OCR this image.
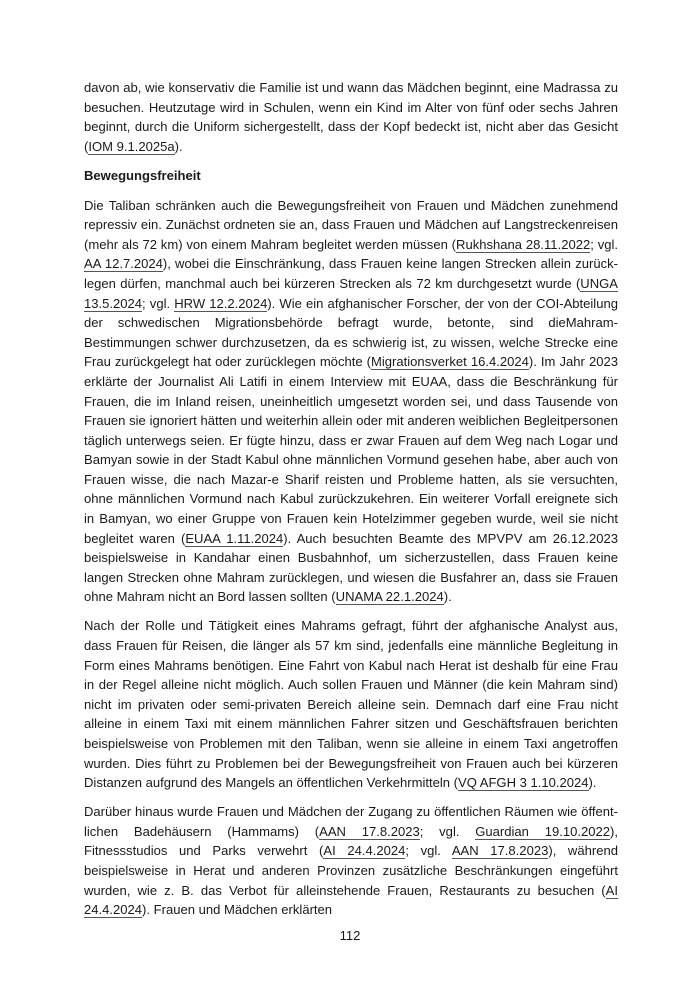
davon ab, wie konservativ die Familie ist und wann das Mädchen beginnt, eine Madrassa zu besuchen. Heutzutage wird in Schulen, wenn ein Kind im Alter von fünf oder sechs Jahren beginnt, durch die Uniform sichergestellt, dass der Kopf bedeckt ist, nicht aber das Gesicht (IOM 9.1.2025a).

Bewegungsfreiheit

Die Taliban schränken auch die Bewegungsfreiheit von Frauen und Mädchen zunehmend repressiv ein. Zunächst ordneten sie an, dass Frauen und Mädchen auf Langstreckenreisen (mehr als 72 km) von einem Mahram begleitet werden müssen (Rukhshana 28.11.2022; vgl. AA 12.7.2024), wobei die Einschränkung, dass Frauen keine langen Strecken allein zurücklegen dürfen, manchmal auch bei kürzeren Strecken als 72 km durchgesetzt wurde (UNGA 13.5.2024; vgl. HRW 12.2.2024). Wie ein afghanischer Forscher, der von der COI-Abteilung der schwedischen Migrationsbehörde befragt wurde, betonte, sind dieMahram-Bestimmungen schwer durchzusetzen, da es schwierig ist, zu wissen, welche Strecke eine Frau zurückgelegt hat oder zurücklegen möchte (Migrationsverket 16.4.2024). Im Jahr 2023 erklärte der Journalist Ali Latifi in einem Interview mit EUAA, dass die Beschränkung für Frauen, die im Inland reisen, uneinheitlich umgesetzt worden sei, und dass Tausende von Frauen sie ignoriert hätten und weiterhin allein oder mit anderen weiblichen Begleitpersonen täglich unterwegs seien. Er fügte hinzu, dass er zwar Frauen auf dem Weg nach Logar und Bamyan sowie in der Stadt Kabul ohne männlichen Vormund gesehen habe, aber auch von Frauen wisse, die nach Mazar-e Sharif reisten und Probleme hatten, als sie versuchten, ohne männlichen Vormund nach Kabul zurückzukehren. Ein weiterer Vorfall ereignete sich in Bamyan, wo einer Gruppe von Frauen kein Hotelzimmer gegeben wurde, weil sie nicht begleitet waren (EUAA 1.11.2024). Auch besuchten Beamte des MPVPV am 26.12.2023 beispielsweise in Kandahar einen Busbahnhof, um sicherzustellen, dass Frauen keine langen Strecken ohne Mahram zurücklegen, und wiesen die Busfahrer an, dass sie Frauen ohne Mahram nicht an Bord lassen sollten (UNAMA 22.1.2024).

Nach der Rolle und Tätigkeit eines Mahrams gefragt, führt der afghanische Analyst aus, dass Frauen für Reisen, die länger als 57 km sind, jedenfalls eine männliche Begleitung in Form eines Mahrams benötigen. Eine Fahrt von Kabul nach Herat ist deshalb für eine Frau in der Regel alleine nicht möglich. Auch sollen Frauen und Männer (die kein Mahram sind) nicht im privaten oder semi-privaten Bereich alleine sein. Demnach darf eine Frau nicht alleine in einem Taxi mit einem männlichen Fahrer sitzen und Geschäftsfrauen berichten beispielsweise von Problemen mit den Taliban, wenn sie alleine in einem Taxi angetroffen wurden. Dies führt zu Problemen bei der Bewegungsfreiheit von Frauen auch bei kürzeren Distanzen aufgrund des Mangels an öffentlichen Verkehrmitteln (VQ AFGH 3 1.10.2024).

Darüber hinaus wurde Frauen und Mädchen der Zugang zu öffentlichen Räumen wie öffentlichen Badehäusern (Hammams) (AAN 17.8.2023; vgl. Guardian 19.10.2022), Fitnessstudios und Parks verwehrt (AI 24.4.2024; vgl. AAN 17.8.2023), während beispielsweise in Herat und anderen Provinzen zusätzliche Beschränkungen eingeführt wurden, wie z. B. das Verbot für alleinstehende Frauen, Restaurants zu besuchen (AI 24.4.2024). Frauen und Mädchen erklärten

112
